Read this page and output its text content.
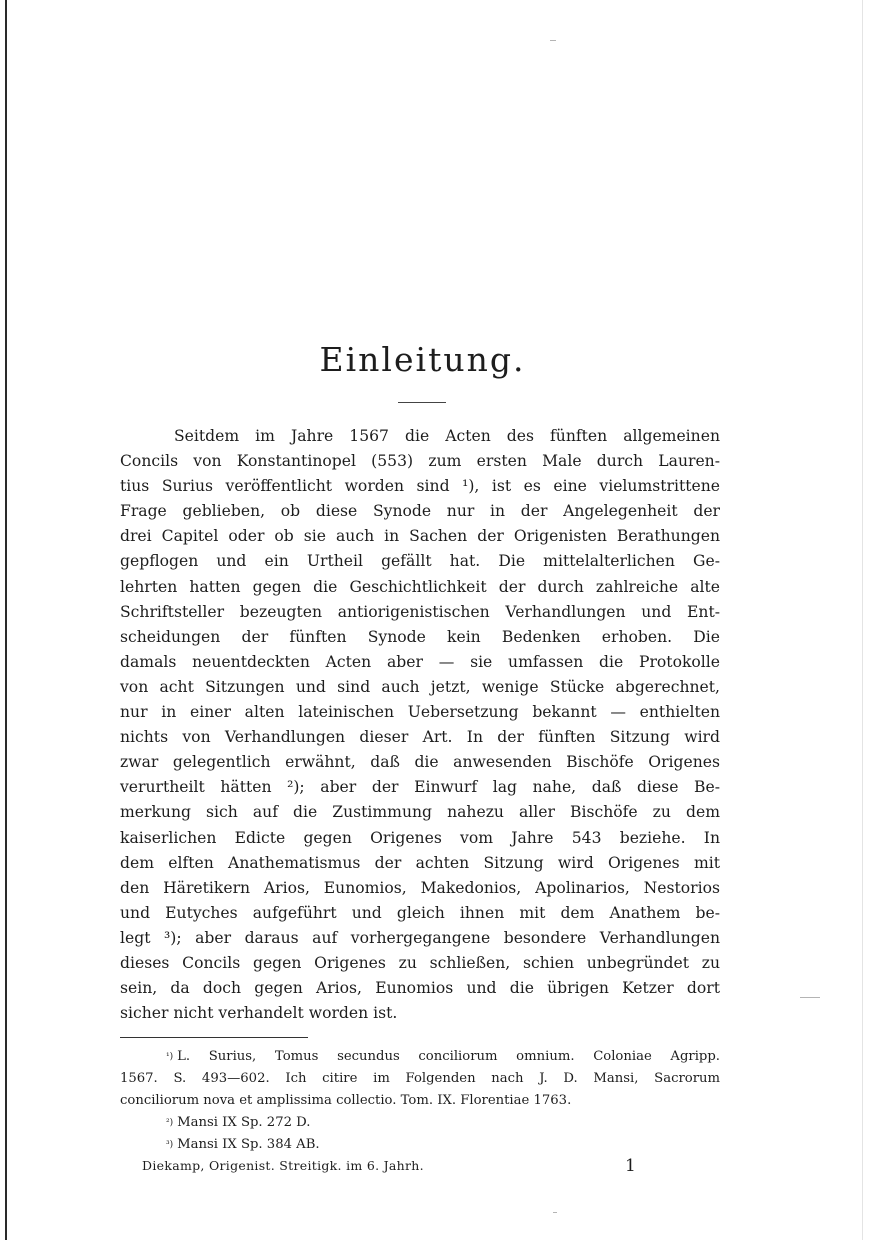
Einleitung.
Seitdem im Jahre 1567 die Acten des fünften allgemeinen
Concils von Konstantinopel (553) zum ersten Male durch Lauren-
tius Surius veröffentlicht worden sind ¹), ist es eine vielumstrittene
Frage geblieben, ob diese Synode nur in der Angelegenheit der
drei Capitel oder ob sie auch in Sachen der Origenisten Berathungen
gepflogen und ein Urtheil gefällt hat. Die mittelalterlichen Ge-
lehrten hatten gegen die Geschichtlichkeit der durch zahlreiche alte
Schriftsteller bezeugten antiorigenistischen Verhandlungen und Ent-
scheidungen der fünften Synode kein Bedenken erhoben. Die
damals neuentdeckten Acten aber — sie umfassen die Protokolle
von acht Sitzungen und sind auch jetzt, wenige Stücke abgerechnet,
nur in einer alten lateinischen Uebersetzung bekannt — enthielten
nichts von Verhandlungen dieser Art. In der fünften Sitzung wird
zwar gelegentlich erwähnt, daß die anwesenden Bischöfe Origenes
verurtheilt hätten ²); aber der Einwurf lag nahe, daß diese Be-
merkung sich auf die Zustimmung nahezu aller Bischöfe zu dem
kaiserlichen Edicte gegen Origenes vom Jahre 543 beziehe. In
dem elften Anathematismus der achten Sitzung wird Origenes mit
den Häretikern Arios, Eunomios, Makedonios, Apolinarios, Nestorios
und Eutyches aufgeführt und gleich ihnen mit dem Anathem be-
legt ³); aber daraus auf vorhergegangene besondere Verhandlungen
dieses Concils gegen Origenes zu schließen, schien unbegründet zu
sein, da doch gegen Arios, Eunomios und die übrigen Ketzer dort
sicher nicht verhandelt worden ist.
$^{^1)}$ L. Surius, Tomus secundus conciliorum omnium. Coloniae Agripp.
1567. S. 493—602. Ich citire im Folgenden nach J. D. Mansi, Sacrorum
conciliorum nova et amplissima collectio. Tom. IX. Florentiae 1763.
$^{^2)}$ Mansi IX Sp. 272 D.
$^{^3)}$ Mansi IX Sp. 384 AB.
Diekamp, Origenist. Streitigk. im 6. Jahrh.	1
